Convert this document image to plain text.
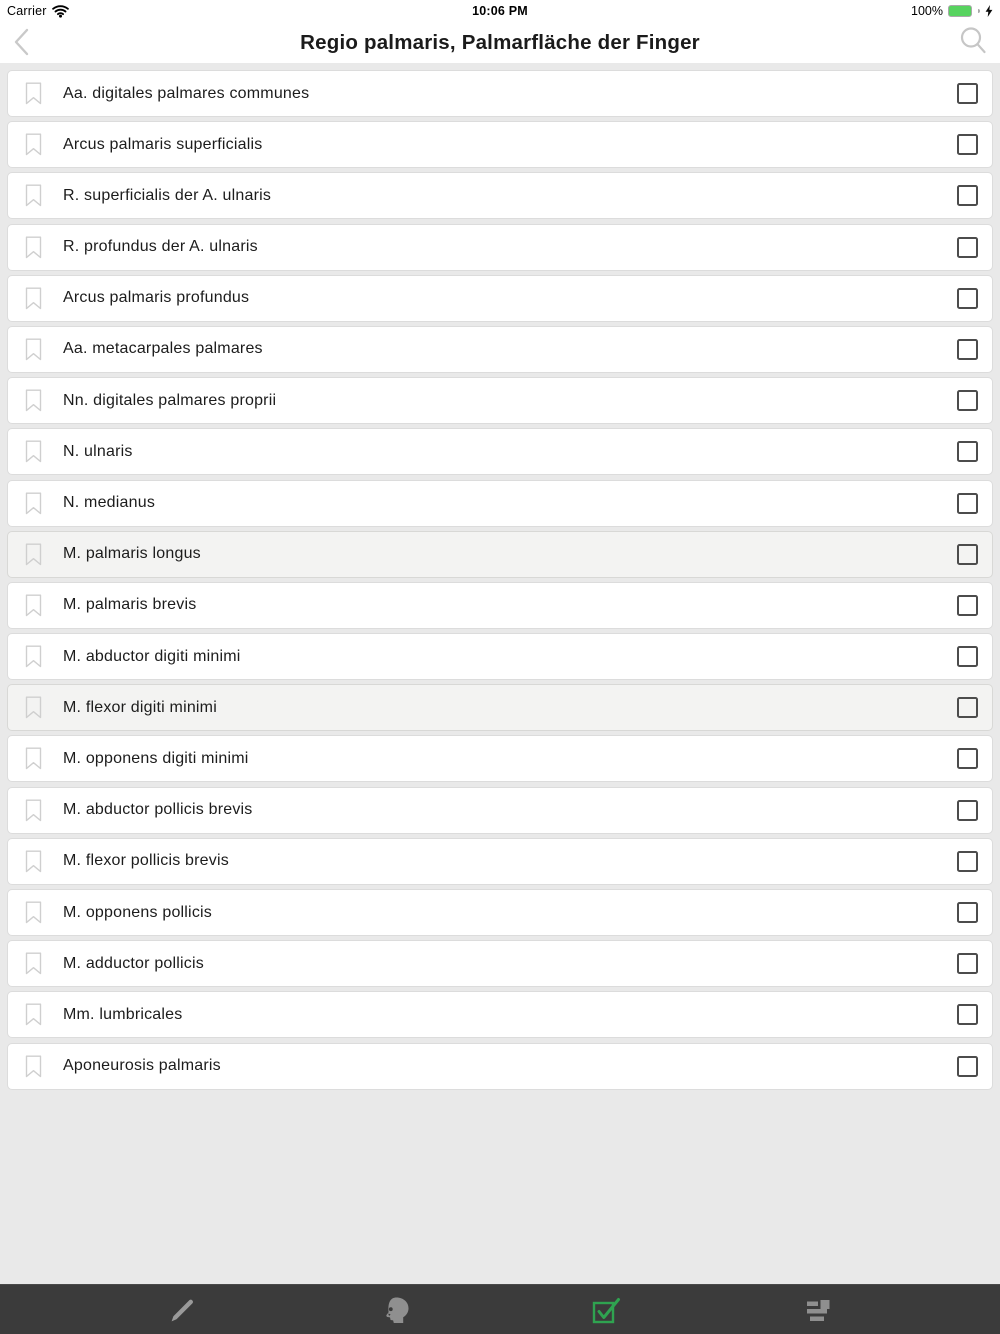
Carrier	10:06 PM	100%
Regio palmaris, Palmarfläche der Finger
Aa. digitales palmares communes
Arcus palmaris superficialis
R. superficialis der A. ulnaris
R. profundus der A. ulnaris
Arcus palmaris profundus
Aa. metacarpales palmares
Nn. digitales palmares proprii
N. ulnaris
N. medianus
M. palmaris longus
M. palmaris brevis
M. abductor digiti minimi
M. flexor digiti minimi
M. opponens digiti minimi
M. abductor pollicis brevis
M. flexor pollicis brevis
M. opponens pollicis
M. adductor pollicis
Mm. lumbricales
Aponeurosis palmaris
